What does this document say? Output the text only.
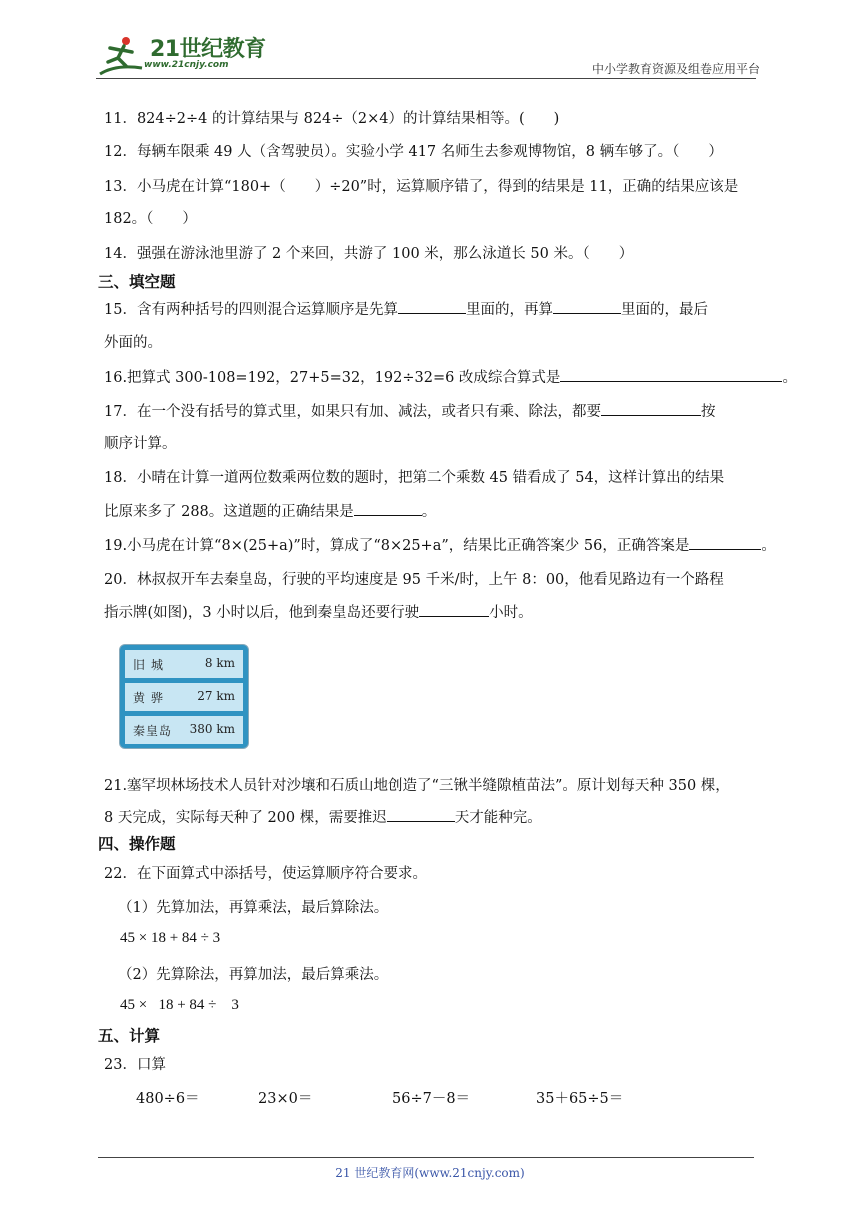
21世纪教育
www.21cnjy.com	中小学教育资源及组卷应用平台
11．824÷2÷4 的计算结果与 824÷（2×4）的计算结果相等。(　　)
12．每辆车限乘 49 人（含驾驶员）。实验小学 417 名师生去参观博物馆，8 辆车够了。（　　）
13．小马虎在计算“180+（　　）÷20”时，运算顺序错了，得到的结果是 11，正确的结果应该是
182。（　　）
14．强强在游泳池里游了 2 个来回，共游了 100 米，那么泳道长 50 米。（　　）
三、填空题
15．含有两种括号的四则混合运算顺序是先算	里面的，再算	里面的，最后
外面的。
16.把算式 300-108=192，27+5=32，192÷32=6 改成综合算式是	。
17．在一个没有括号的算式里，如果只有加、减法，或者只有乘、除法，都要	按
顺序计算。
18．小晴在计算一道两位数乘两位数的题时，把第二个乘数 45 错看成了 54，这样计算出的结果
比原来多了 288。这道题的正确结果是	。
19.小马虎在计算“8×(25+a)”时，算成了“8×25+a”，结果比正确答案少 56，正确答案是	。
20．林叔叔开车去秦皇岛，行驶的平均速度是 95 千米/时，上午 8：00，他看见路边有一个路程
指示牌(如图)，3 小时以后，他到秦皇岛还要行驶	小时。
旧城	8 km
黄骅 27 km
秦皇岛 380 km
21.塞罕坝林场技术人员针对沙壤和石质山地创造了“三锹半缝隙植苗法”。原计划每天种 350 棵，
8 天完成，实际每天种了 200 棵，需要推迟	天才能种完。
四、操作题
22．在下面算式中添括号，使运算顺序符合要求。
（1）先算加法，再算乘法，最后算除法。
45 × 18 + 84 ÷ 3
（2）先算除法，再算加法，最后算乘法。
45 ×   18 + 84 ÷    3
五、计算
23．口算
480÷6＝	23×0＝	56÷7－8＝	35＋65÷5＝
21 世纪教育网(www.21cnjy.com)
